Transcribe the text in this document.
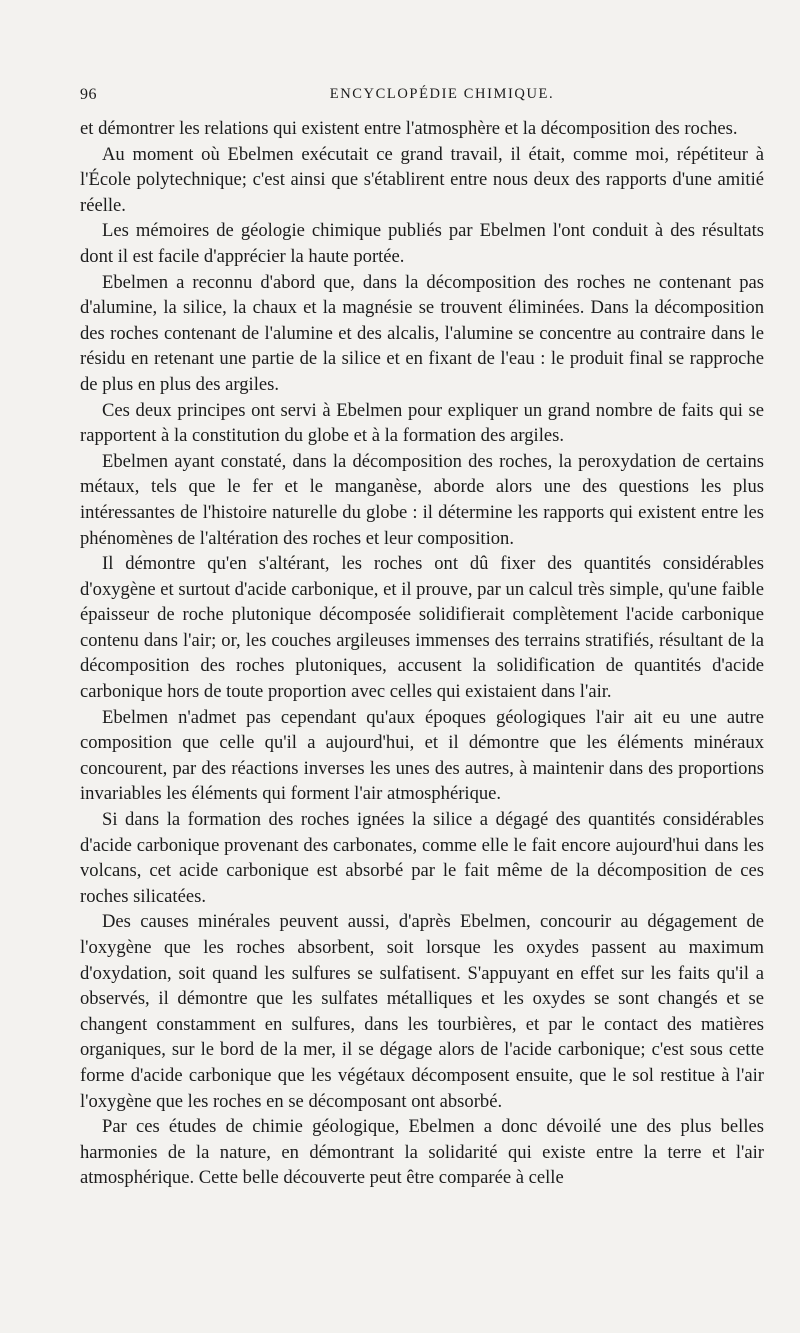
96	ENCYCLOPÉDIE CHIMIQUE.

et démontrer les relations qui existent entre l'atmosphère et la décomposition des roches.

Au moment où Ebelmen exécutait ce grand travail, il était, comme moi, répétiteur à l'École polytechnique; c'est ainsi que s'établirent entre nous deux des rapports d'une amitié réelle.

Les mémoires de géologie chimique publiés par Ebelmen l'ont conduit à des résultats dont il est facile d'apprécier la haute portée.

Ebelmen a reconnu d'abord que, dans la décomposition des roches ne contenant pas d'alumine, la silice, la chaux et la magnésie se trouvent éliminées. Dans la décomposition des roches contenant de l'alumine et des alcalis, l'alumine se concentre au contraire dans le résidu en retenant une partie de la silice et en fixant de l'eau : le produit final se rapproche de plus en plus des argiles.

Ces deux principes ont servi à Ebelmen pour expliquer un grand nombre de faits qui se rapportent à la constitution du globe et à la formation des argiles.

Ebelmen ayant constaté, dans la décomposition des roches, la peroxydation de certains métaux, tels que le fer et le manganèse, aborde alors une des questions les plus intéressantes de l'histoire naturelle du globe : il détermine les rapports qui existent entre les phénomènes de l'altération des roches et leur composition.

Il démontre qu'en s'altérant, les roches ont dû fixer des quantités considérables d'oxygène et surtout d'acide carbonique, et il prouve, par un calcul très simple, qu'une faible épaisseur de roche plutonique décomposée solidifierait complètement l'acide carbonique contenu dans l'air; or, les couches argileuses immenses des terrains stratifiés, résultant de la décomposition des roches plutoniques, accusent la solidification de quantités d'acide carbonique hors de toute proportion avec celles qui existaient dans l'air.

Ebelmen n'admet pas cependant qu'aux époques géologiques l'air ait eu une autre composition que celle qu'il a aujourd'hui, et il démontre que les éléments minéraux concourent, par des réactions inverses les unes des autres, à maintenir dans des proportions invariables les éléments qui forment l'air atmosphérique.

Si dans la formation des roches ignées la silice a dégagé des quantités considérables d'acide carbonique provenant des carbonates, comme elle le fait encore aujourd'hui dans les volcans, cet acide carbonique est absorbé par le fait même de la décomposition de ces roches silicatées.

Des causes minérales peuvent aussi, d'après Ebelmen, concourir au dégagement de l'oxygène que les roches absorbent, soit lorsque les oxydes passent au maximum d'oxydation, soit quand les sulfures se sulfatisent. S'appuyant en effet sur les faits qu'il a observés, il démontre que les sulfates métalliques et les oxydes se sont changés et se changent constamment en sulfures, dans les tourbières, et par le contact des matières organiques, sur le bord de la mer, il se dégage alors de l'acide carbonique; c'est sous cette forme d'acide carbonique que les végétaux décomposent ensuite, que le sol restitue à l'air l'oxygène que les roches en se décomposant ont absorbé.

Par ces études de chimie géologique, Ebelmen a donc dévoilé une des plus belles harmonies de la nature, en démontrant la solidarité qui existe entre la terre et l'air atmosphérique. Cette belle découverte peut être comparée à celle
